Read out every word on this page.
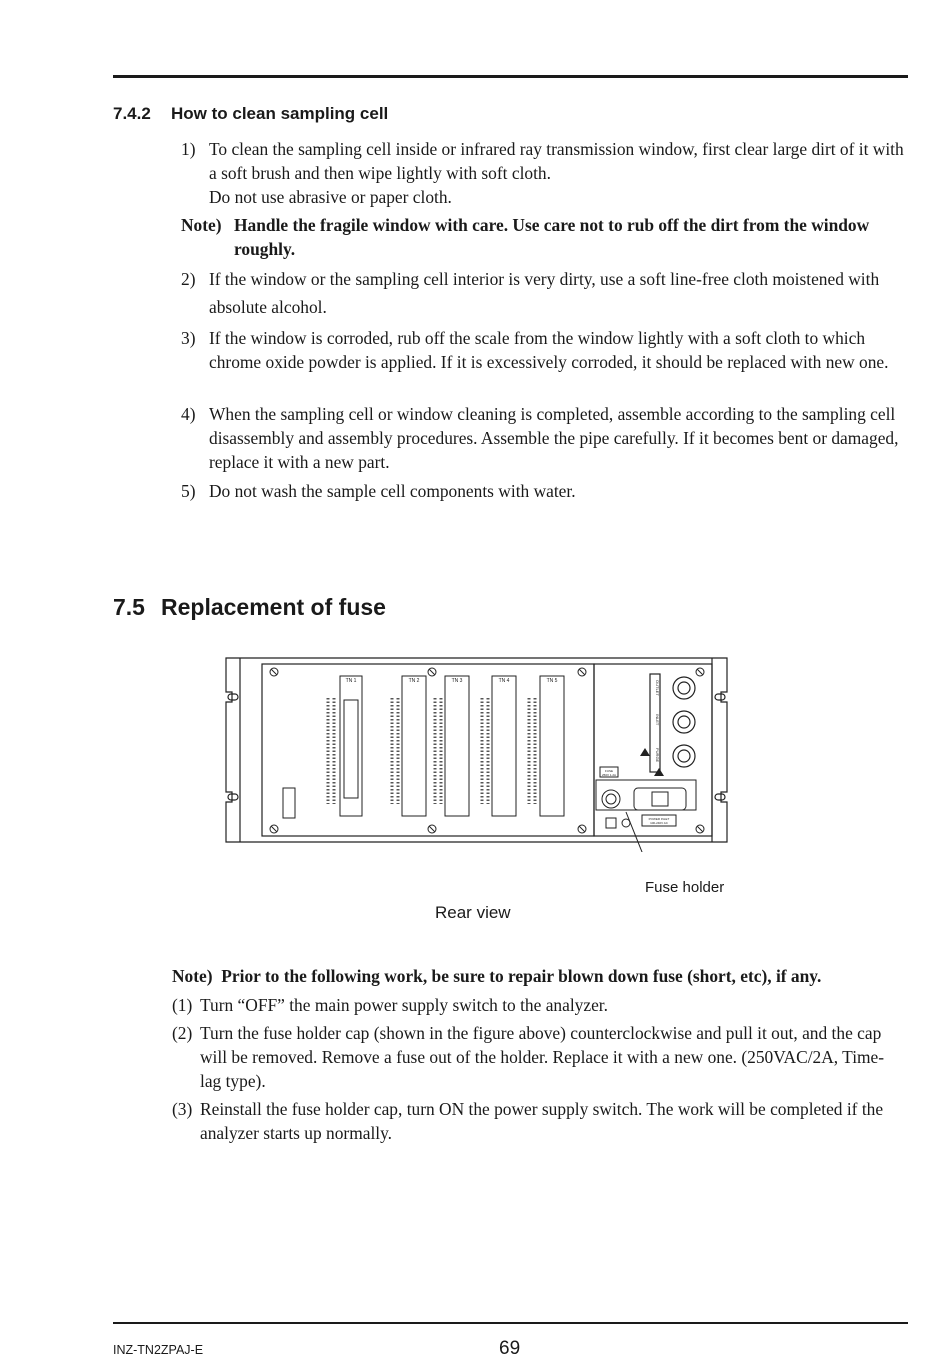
7.4.2 How to clean sampling cell
1) To clean the sampling cell inside or infrared ray transmission window, first clear large dirt of it with a soft brush and then wipe lightly with soft cloth.
Do not use abrasive or paper cloth.
Note) Handle the fragile window with care. Use care not to rub off the dirt from the window roughly.
2) If the window or the sampling cell interior is very dirty, use a soft line-free cloth moistened with absolute alcohol.
3) If the window is corroded, rub off the scale from the window lightly with a soft cloth to which chrome oxide powder is applied. If it is excessively corroded, it should be replaced with new one.
4) When the sampling cell or window cleaning is completed, assemble according to the sampling cell disassembly and assembly procedures. Assemble the pipe carefully. If it becomes bent or damaged, replace it with a new part.
5) Do not wash the sample cell components with water.
7.5 Replacement of fuse
TN 1	TN 2	TN 3	TN 4	TN 5	OUTLET
INLET
PURGE
FUSE
250V 1.2A
POWER INLET
100-240V AC
Fuse holder
Rear view
Note) Prior to the following work, be sure to repair blown down fuse (short, etc), if any.
(1) Turn “OFF” the main power supply switch to the analyzer.
(2) Turn the fuse holder cap (shown in the figure above) counterclockwise and pull it out, and the cap will be removed. Remove a fuse out of the holder. Replace it with a new one. (250VAC/2A, Time-lag type).
(3) Reinstall the fuse holder cap, turn ON the power supply switch. The work will be completed if the analyzer starts up normally.
INZ-TN2ZPAJ-E	69
